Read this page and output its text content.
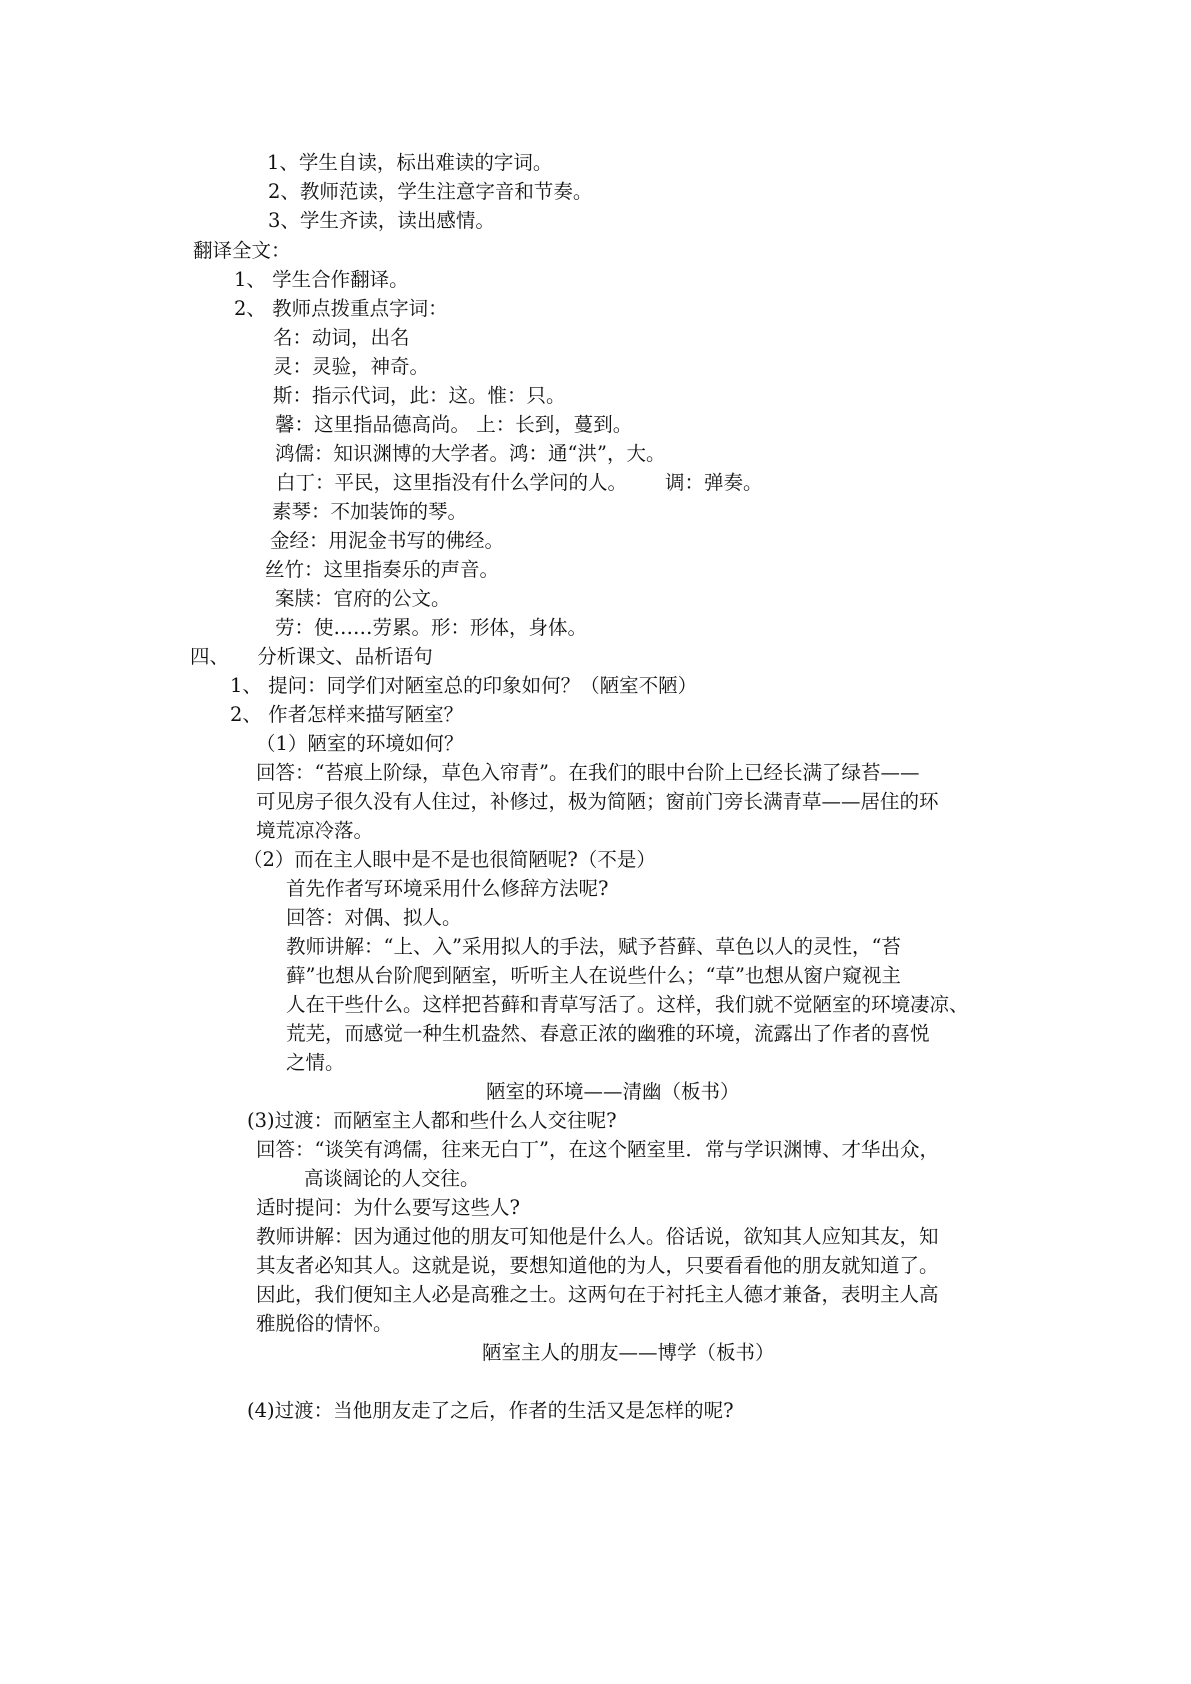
1、学生自读，标出难读的字词。

2、教师范读，学生注意字音和节奏。

3、学生齐读，读出感情。

翻译全文：

1、 学生合作翻译。

2、 教师点拨重点字词：

名：动词，出名

灵：灵验，神奇。

斯：指示代词，此：这。惟：只。

馨：这里指品德高尚。 上：长到，蔓到。

鸿儒：知识渊博的大学者。鸿：通“洪”，大。

白丁：平民，这里指没有什么学问的人。 调：弹奏。

素琴：不加装饰的琴。

金经：用泥金书写的佛经。

丝竹：这里指奏乐的声音。

案牍：官府的公文。

劳：使……劳累。形：形体，身体。

四、 分析课文、品析语句

1、 提问：同学们对陋室总的印象如何？（陋室不陋）

2、 作者怎样来描写陋室？

（1）陋室的环境如何？

回答：“苔痕上阶绿，草色入帘青”。在我们的眼中台阶上已经长满了绿苔——

可见房子很久没有人住过，补修过，极为简陋；窗前门旁长满青草——居住的环

境荒凉冷落。

（2）而在主人眼中是不是也很简陋呢?（不是）

首先作者写环境采用什么修辞方法呢?

回答：对偶、拟人。

教师讲解：“上、入”采用拟人的手法，赋予苔藓、草色以人的灵性，“苔

藓”也想从台阶爬到陋室，听听主人在说些什么；“草”也想从窗户窥视主

人在干些什么。这样把苔藓和青草写活了。这样，我们就不觉陋室的环境凄凉、

荒芜，而感觉一种生机盎然、春意正浓的幽雅的环境，流露出了作者的喜悦

之情。

陋室的环境——清幽（板书）

(3)过渡：而陋室主人都和些什么人交往呢?

回答：“谈笑有鸿儒，往来无白丁”，在这个陋室里．常与学识渊博、才华出众，

高谈阔论的人交往。

适时提问：为什么要写这些人?

教师讲解：因为通过他的朋友可知他是什么人。俗话说，欲知其人应知其友，知

其友者必知其人。这就是说，要想知道他的为人，只要看看他的朋友就知道了。

因此，我们便知主人必是高雅之士。这两句在于衬托主人德才兼备，表明主人高

雅脱俗的情怀。

陋室主人的朋友——博学（板书）

(4)过渡：当他朋友走了之后，作者的生活又是怎样的呢?
